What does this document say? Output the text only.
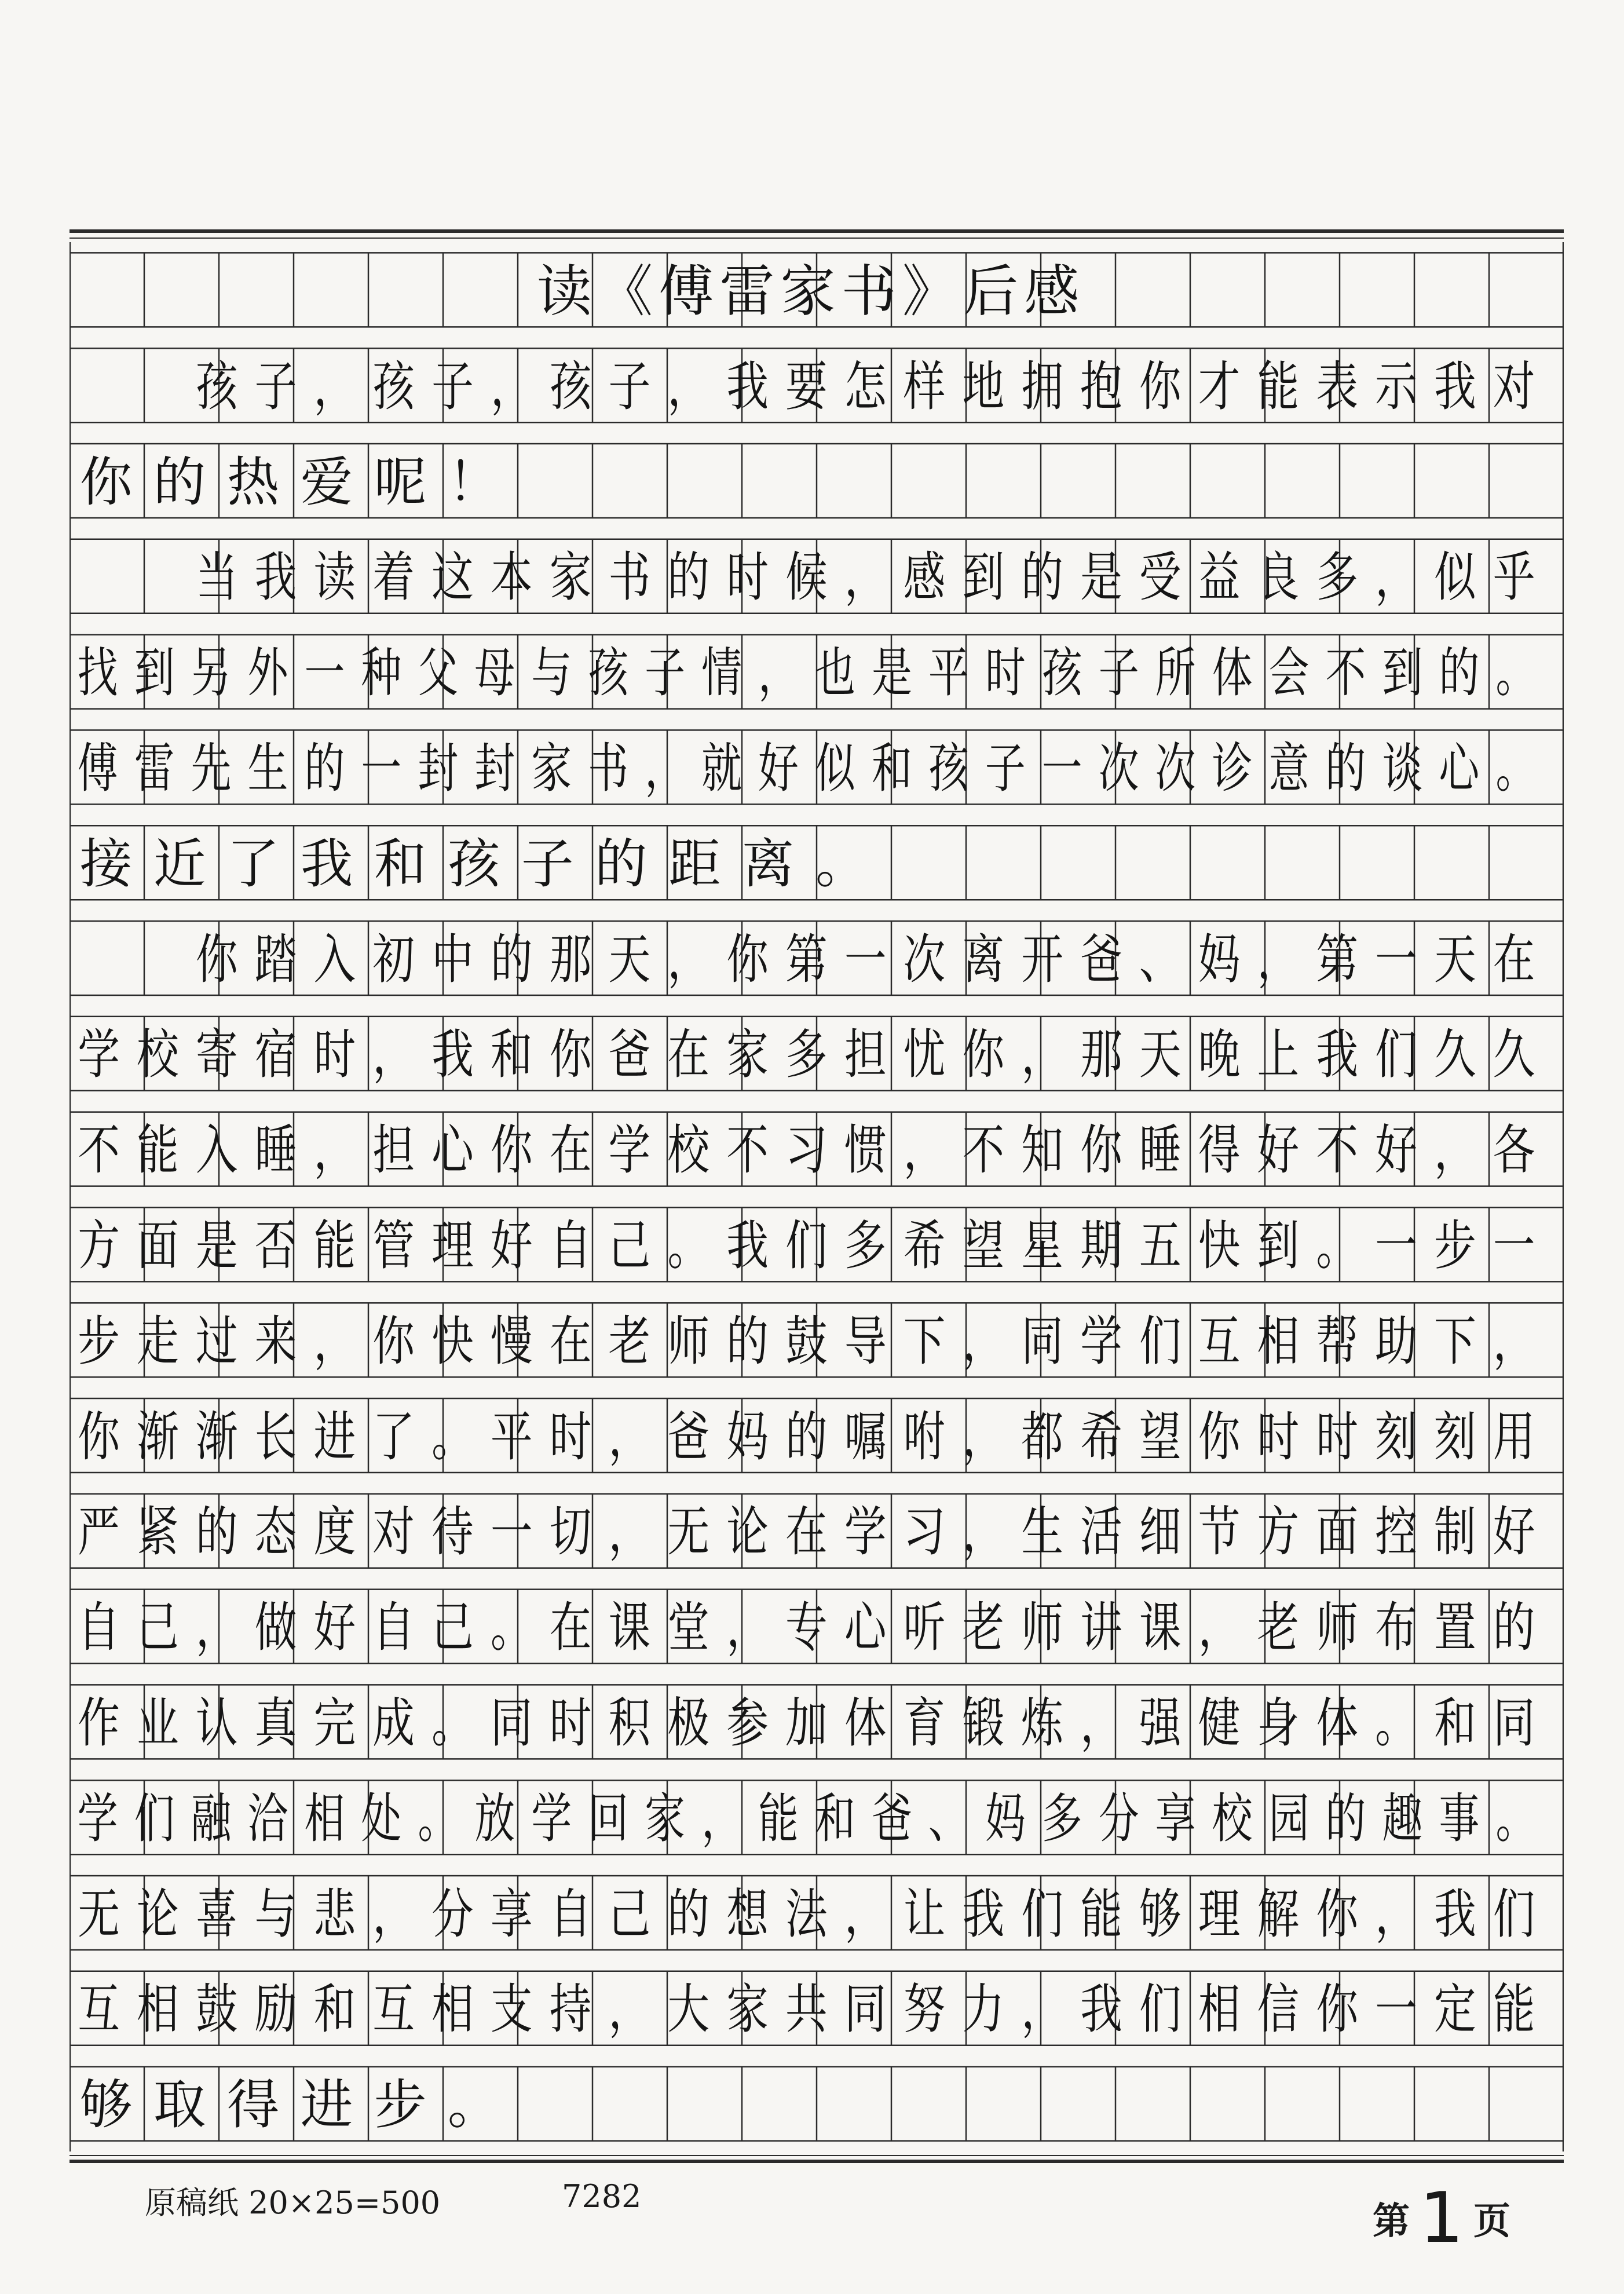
读《傅雷家书》后感
　　孩子，孩子，孩子，我要怎样地拥抱你才能表示我对
你的热爱呢！
　　当我读着这本家书的时候，感到的是受益良多，似乎
找到另外一种父母与孩子情，也是平时孩子所体会不到的。
傅雷先生的一封封家书，就好似和孩子一次次诊意的谈心。
接近了我和孩子的距离。
　　你踏入初中的那天，你第一次离开爸、妈，第一天在
学校寄宿时，我和你爸在家多担忧你，那天晚上我们久久
不能入睡，担心你在学校不习惯，不知你睡得好不好，各
方面是否能管理好自己。我们多希望星期五快到。一步一
步走过来，你快慢在老师的鼓导下，同学们互相帮助下，
你渐渐长进了。平时，爸妈的嘱咐，都希望你时时刻刻用
严紧的态度对待一切，无论在学习，生活细节方面控制好
自己，做好自己。在课堂，专心听老师讲课，老师布置的
作业认真完成。同时积极参加体育锻炼，强健身体。和同
学们融洽相处。放学回家，能和爸、妈多分享校园的趣事。
无论喜与悲，分享自己的想法，让我们能够理解你，我们
互相鼓励和互相支持，大家共同努力，我们相信你一定能
够取得进步。
原稿纸 20×25=500	7282
第 1 页
